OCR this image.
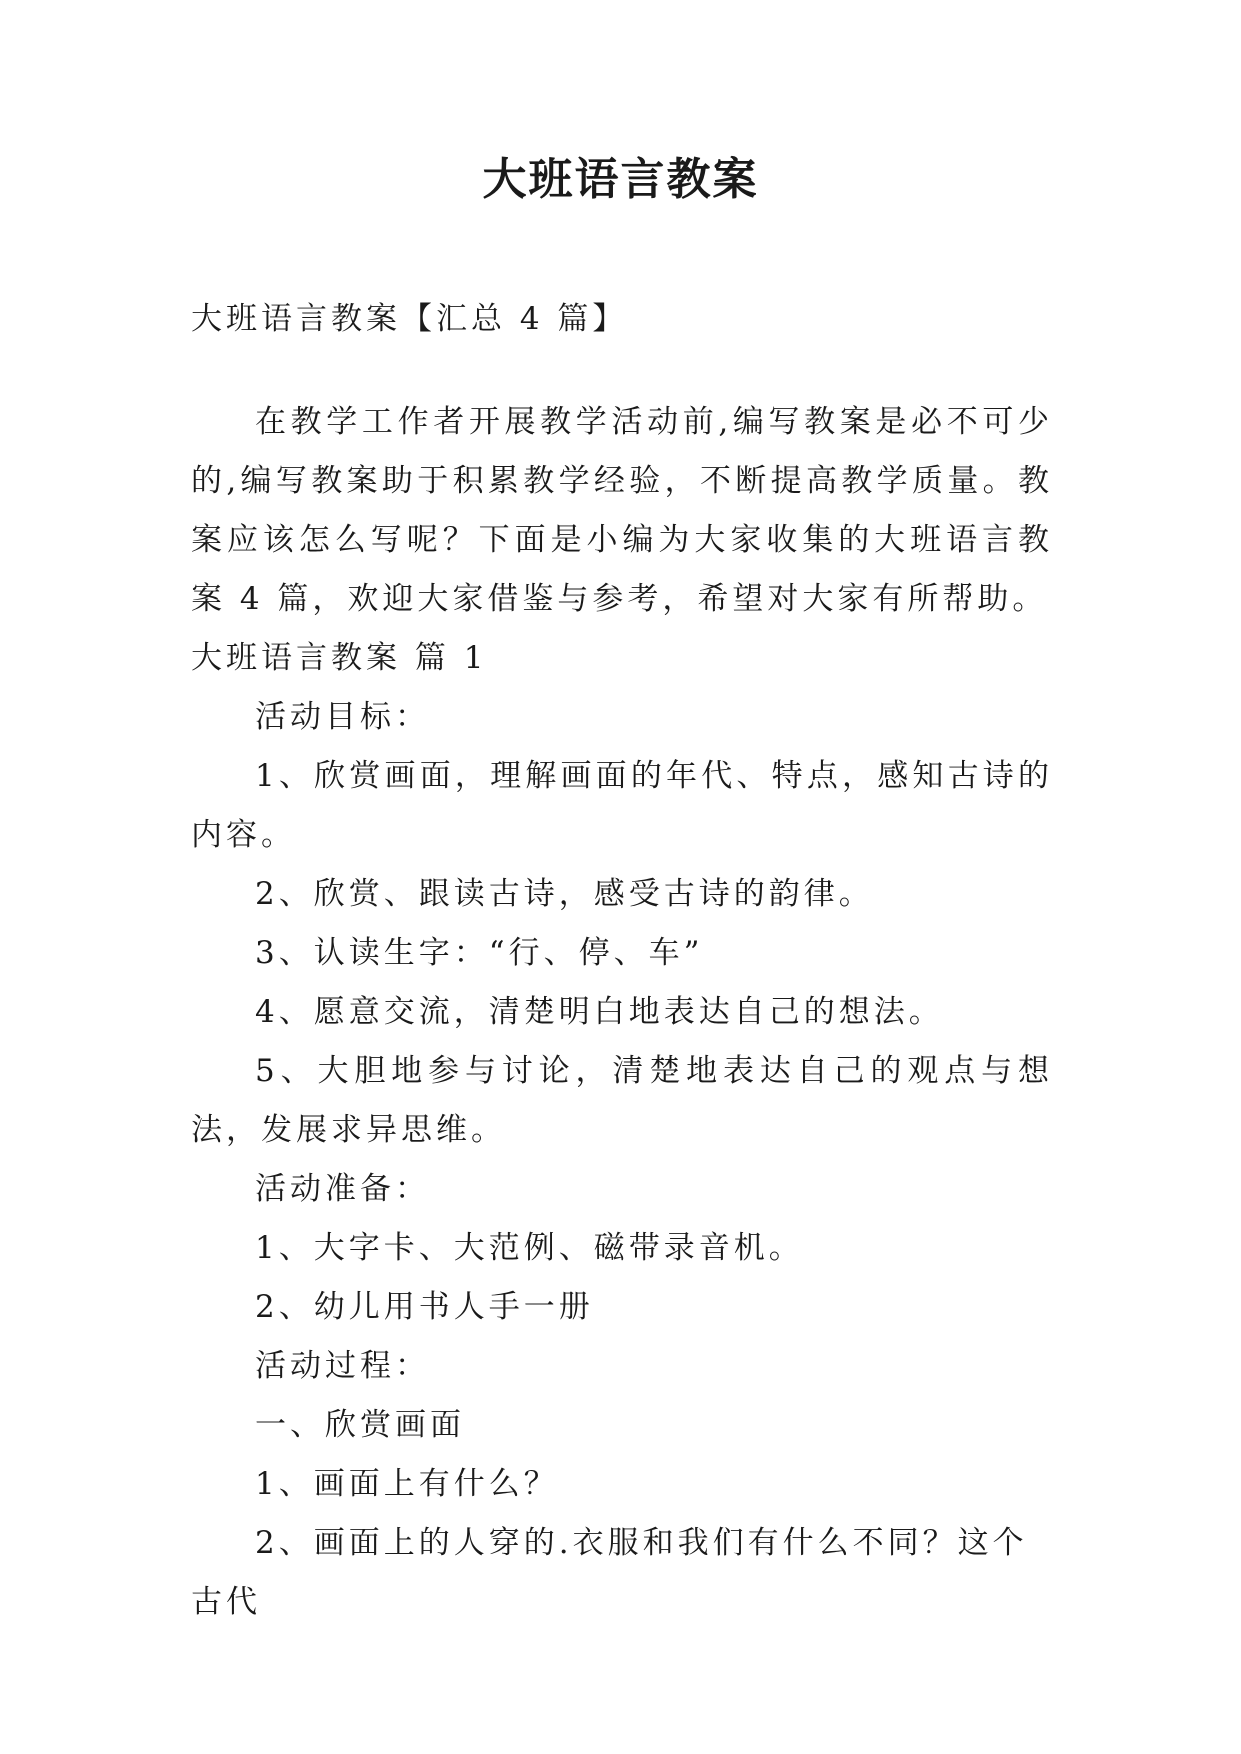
大班语言教案

大班语言教案【汇总 4 篇】

在教学工作者开展教学活动前,编写教案是必不可少的,编写教案助于积累教学经验，不断提高教学质量。教案应该怎么写呢？下面是小编为大家收集的大班语言教案 4 篇，欢迎大家借鉴与参考，希望对大家有所帮助。

大班语言教案 篇 1

活动目标：

1、欣赏画面，理解画面的年代、特点，感知古诗的内容。

2、欣赏、跟读古诗，感受古诗的韵律。

3、认读生字：“行、停、车”

4、愿意交流，清楚明白地表达自己的想法。

5、大胆地参与讨论，清楚地表达自己的观点与想法，发展求异思维。

活动准备：

1、大字卡、大范例、磁带录音机。

2、幼儿用书人手一册

活动过程：

一、欣赏画面

1、画面上有什么？

2、画面上的人穿的.衣服和我们有什么不同？这个古代
